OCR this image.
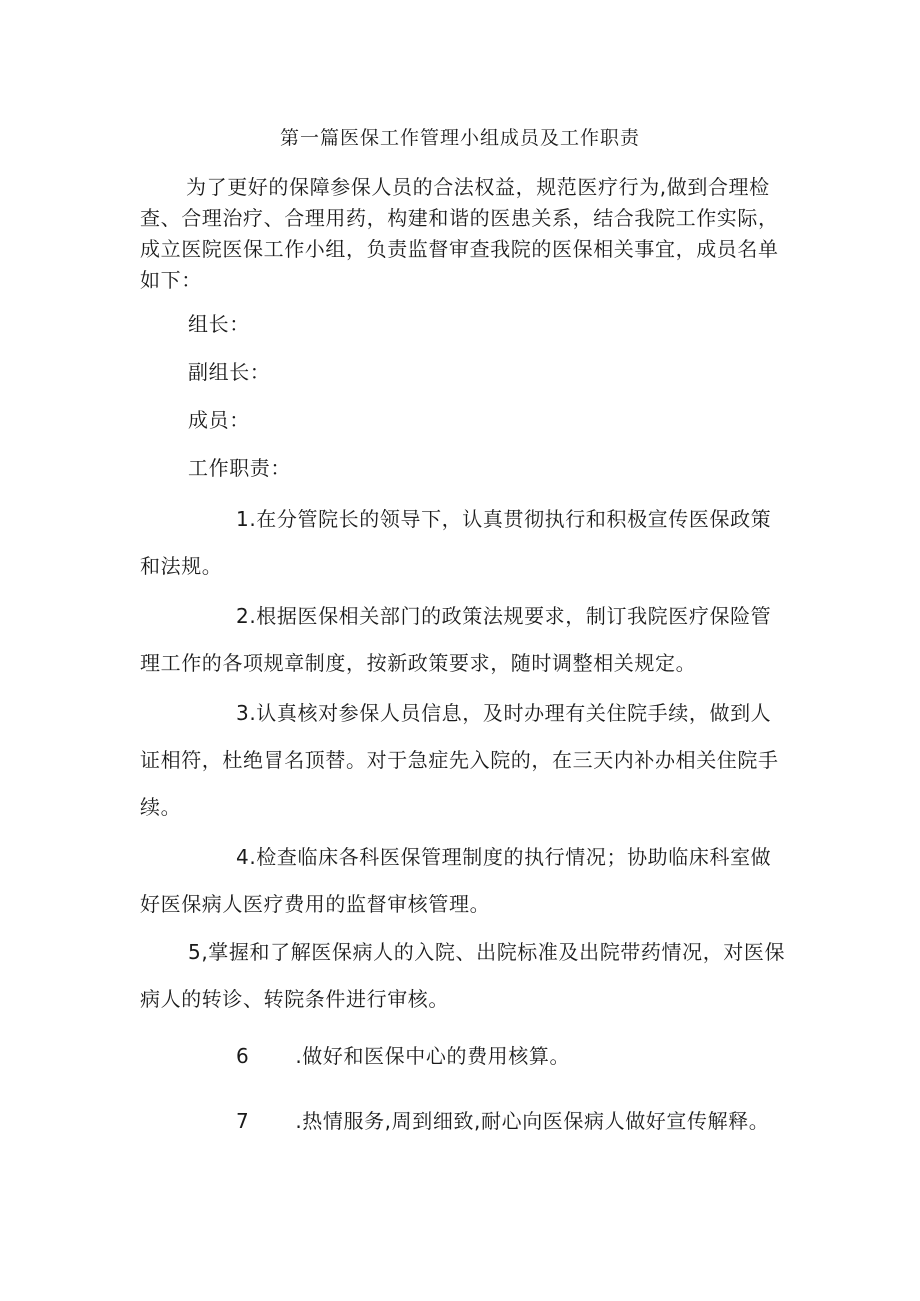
第一篇医保工作管理小组成员及工作职责

为了更好的保障参保人员的合法权益，规范医疗行为,做到合理检查、合理治疗、合理用药，构建和谐的医患关系，结合我院工作实际，成立医院医保工作小组，负责监督审查我院的医保相关事宜，成员名单如下：

组长：

副组长：

成员：

工作职责：

1.在分管院长的领导下，认真贯彻执行和积极宣传医保政策和法规。

2.根据医保相关部门的政策法规要求，制订我院医疗保险管理工作的各项规章制度，按新政策要求，随时调整相关规定。

3.认真核对参保人员信息，及时办理有关住院手续，做到人证相符，杜绝冒名顶替。对于急症先入院的，在三天内补办相关住院手续。

4.检查临床各科医保管理制度的执行情况；协助临床科室做好医保病人医疗费用的监督审核管理。

5,掌握和了解医保病人的入院、出院标准及出院带药情况，对医保病人的转诊、转院条件进行审核。

6 .做好和医保中心的费用核算。

7 .热情服务,周到细致,耐心向医保病人做好宣传解释。
